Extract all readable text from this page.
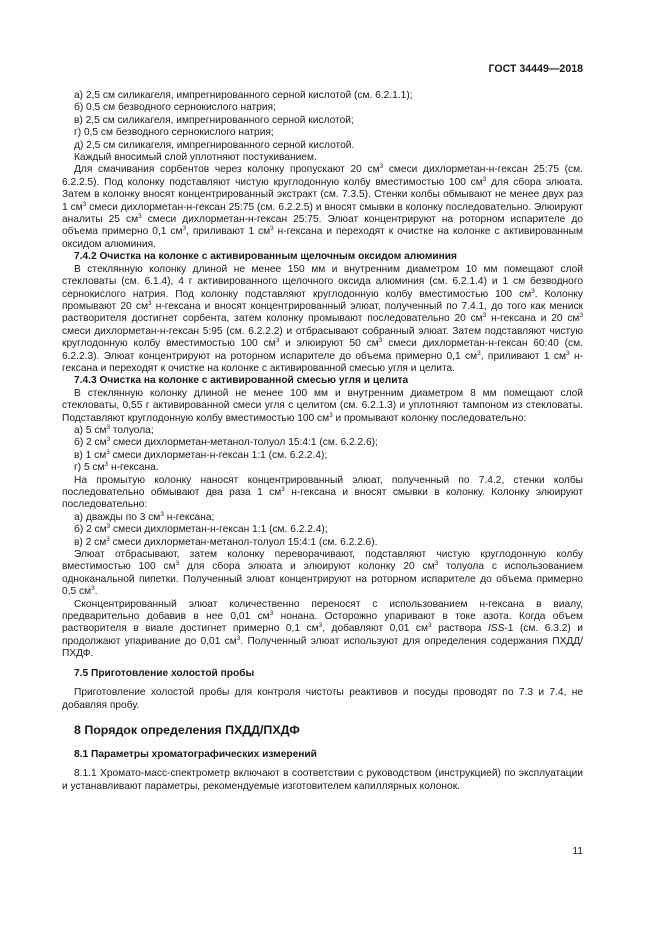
ГОСТ 34449—2018

а) 2,5 см силикагеля, импрегнированного серной кислотой (см. 6.2.1.1);

б) 0,5 см безводного сернокислого натрия;

в) 2,5 см силикагеля, импрегнированного серной кислотой;

г) 0,5 см безводного сернокислого натрия;

д) 2,5 см силикагеля, импрегнированного серной кислотой.

Каждый вносимый слой уплотняют постукиванием.

Для смачивания сорбентов через колонку пропускают 20 $см^3$ смеси дихлорметан-н-гексан 25:75 (см. 6.2.2.5). Под колонку подставляют чистую круглодонную колбу вместимостью 100 $см^3$ для сбора элюата. Затем в колонку вносят концентрированный экстракт (см. 7.3.5). Стенки колбы обмывают не менее двух раз 1 $см^3$ смеси дихлорметан-н-гексан 25:75 (см. 6.2.2.5) и вносят смывки в колонку последовательно. Элюируют аналиты 25 $см^3$ смеси дихлорметан-н-гексан 25:75. Элюат концентрируют на роторном испарителе до объема примерно 0,1 $см^3$, приливают 1 $см^3$ н-гексана и переходят к очистке на колонке с активированным оксидом алюминия.

7.4.2 Очистка на колонке с активированным щелочным оксидом алюминия

В стеклянную колонку длиной не менее 150 мм и внутренним диаметром 10 мм помещают слой стекловаты (см. 6.1.4), 4 г активированного щелочного оксида алюминия (см. 6.2.1.4) и 1 см безводного сернокислого натрия. Под колонку подставляют круглодонную колбу вместимостью 100 $см^3$. Колонку промывают 20 $см^3$ н-гексана и вносят концентрированный элюат, полученный по 7.4.1, до того как мениск растворителя достигнет сорбента, затем колонку промывают последовательно 20 $см^3$ н-гексана и 20 $см^3$ смеси дихлорметан-н-гексан 5:95 (см. 6.2.2.2) и отбрасывают собранный элюат. Затем подставляют чистую круглодонную колбу вместимостью 100 $см^3$ и элюируют 50 $см^3$ смеси дихлорметан-н-гексан 60:40 (см. 6.2.2.3). Элюат концентрируют на роторном испарителе до объема примерно 0,1 $см^3$, приливают 1 $см^3$ н-гексана и переходят к очистке на колонке с активированной смесью угля и целита.

7.4.3 Очистка на колонке с активированной смесью угля и целита

В стеклянную колонку длиной не менее 100 мм и внутренним диаметром 8 мм помещают слой стекловаты, 0,55 г активированной смеси угля с целитом (см. 6.2.1.3) и уплотняют тампоном из стекловаты. Подставляют круглодонную колбу вместимостью 100 $см^3$ и промывают колонку последовательно:

а) 5 $см^3$ толуола;

б) 2 $см^3$ смеси дихлорметан-метанол-толуол 15:4:1 (см. 6.2.2.6);

в) 1 $см^3$ смеси дихлорметан-н-гексан 1:1 (см. 6.2.2.4);

г) 5 $см^3$ н-гексана.

На промытую колонку наносят концентрированный элюат, полученный по 7.4.2, стенки колбы последовательно обмывают два раза 1 $см^3$ н-гексана и вносят смывки в колонку. Колонку элюируют последовательно:

а) дважды по 3 $см^3$ н-гексана;

б) 2 $см^3$ смеси дихлорметан-н-гексан 1:1 (см. 6.2.2.4);

в) 2 $см^3$ смеси дихлорметан-метанол-толуол 15:4:1 (см. 6.2.2.6).

Элюат отбрасывают, затем колонку переворачивают, подставляют чистую круглодонную колбу вместимостью 100 $см^3$ для сбора элюата и элюируют колонку 20 $см^3$ толуола с использованием одноканальной пипетки. Полученный элюат концентрируют на роторном испарителе до объема примерно 0,5 $см^3$.

Сконцентрированный элюат количественно переносят с использованием н-гексана в виалу, предварительно добавив в нее 0,01 $см^3$ нонана. Осторожно упаривают в токе азота. Когда объем растворителя в виале достигнет примерно 0,1 $см^3$, добавляют 0,01 $см^3$ раствора ISS-1 (см. 6.3.2) и продолжают упаривание до 0,01 $см^3$. Полученный элюат используют для определения содержания ПХДД/ПХДФ.

7.5 Приготовление холостой пробы

Приготовление холостой пробы для контроля чистоты реактивов и посуды проводят по 7.3 и 7.4, не добавляя пробу.

8 Порядок определения ПХДД/ПХДФ

8.1 Параметры хроматографических измерений

8.1.1 Хромато-масс-спектрометр включают в соответствии с руководством (инструкцией) по эксплуатации и устанавливают параметры, рекомендуемые изготовителем капиллярных колонок.

11
